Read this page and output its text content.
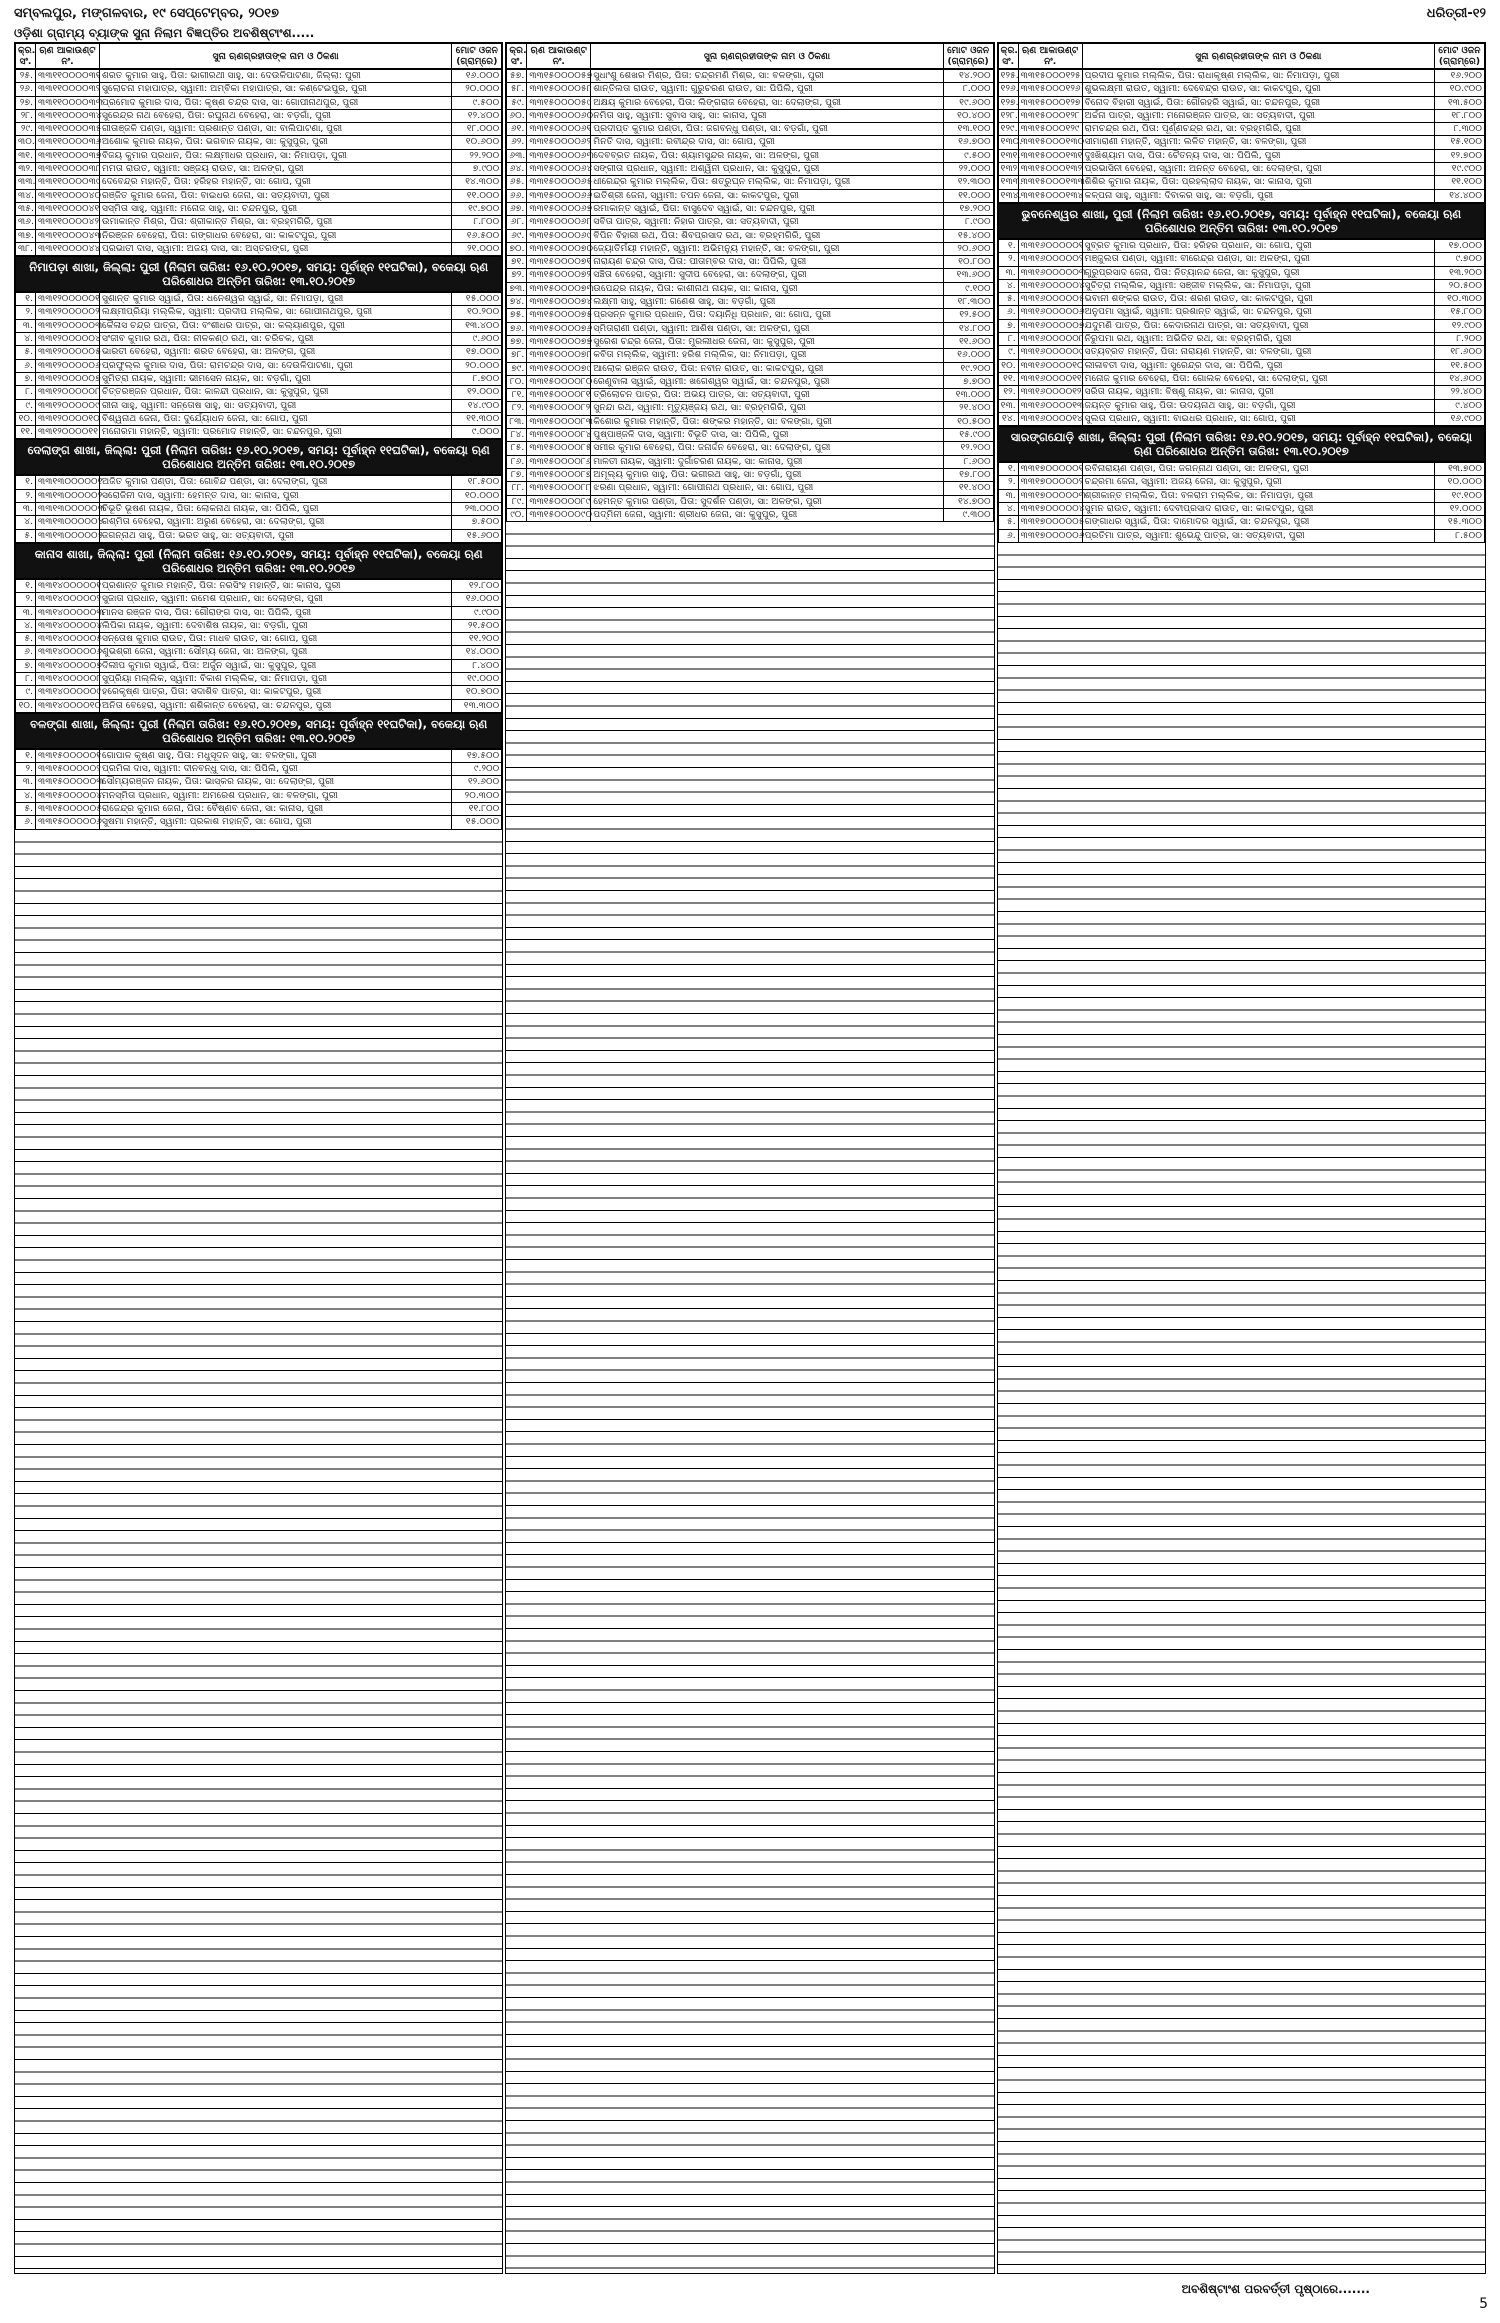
ସମ୍ବଲପୁର, ମଙ୍ଗଳବାର, ୧୯ ସେପ୍ଟେମ୍ବର, ୨୦୧୭	ଧରିତ୍ରୀ-୧୨
ଓଡ଼ିଶା ଗ୍ରାମ୍ୟ ବ୍ୟାଙ୍କ ସୁନା ନିଲାମ ବିଜ୍ଞପ୍ତିର ଅବଶିଷ୍ଟାଂଶ.....
କ୍ର. ସଂ.	ଋଣ ଆକାଉଣ୍ଟ ନଂ.	ସୁନା ଋଣଗ୍ରହୀତାଙ୍କ ନାମ ଓ ଠିକଣା	ମୋଟ ଓଜନ (ଗ୍ରାମ୍‌ରେ)
୨୫.	୩୩୧୧୦୦୦୦୩୧	ଶରତ କୁମାର ସାହୁ, ପିତା: ଭାଗୀରଥୀ ସାହୁ, ସା: ଦେଉଳିପାଟଣା, ଜିଲ୍ଲା: ପୁରୀ	୧୬.୦୦୦
୨୬.	୩୩୧୧୦୦୦୦୩୨	ସୁଲୋଚନା ମହାପାତ୍ର, ସ୍ୱାମୀ: ଅମ୍ବିକା ମହାପାତ୍ର, ସା: କଣ୍ଟେଇପୁର, ପୁରୀ	୨୦.୦୦୦
୨୭.	୩୩୧୧୦୦୦୦୩୩	ପ୍ରମୋଦ କୁମାର ଦାସ, ପିତା: କୃଷ୍ଣ ଚନ୍ଦ୍ର ଦାସ, ସା: ଗୋପୀନାଥପୁର, ପୁରୀ	୯.୫୦୦
୨୮.	୩୩୧୧୦୦୦୦୩୪	ସୁରେନ୍ଦ୍ର ନାଥ ବେହେରା, ପିତା: ରଘୁନାଥ ବେହେରା, ସା: ବଡ଼ଗାଁ, ପୁରୀ	୧୨.୪୦୦
୨୯.	୩୩୧୧୦୦୦୦୩୫	ଗୀତାଞ୍ଜଳି ପଣ୍ଡା, ସ୍ୱାମୀ: ପ୍ରଶାନ୍ତ ପଣ୍ଡା, ସା: ବାଲିପାଟଣା, ପୁରୀ	୧୮.୦୦୦
୩୦.	୩୩୧୧୦୦୦୦୩୬	ଅଶୋକ କୁମାର ନାୟକ, ପିତା: ଭଗବାନ ନାୟକ, ସା: କୁସୁପୁର, ପୁରୀ	୧୦.୬୦୦
୩୧.	୩୩୧୧୦୦୦୦୩୭	ବିଜୟ କୁମାର ପ୍ରଧାନ, ପିତା: ଲକ୍ଷ୍ମୀଧର ପ୍ରଧାନ, ସା: ନିମାପଡ଼ା, ପୁରୀ	୨୨.୨୦୦
୩୨.	୩୩୧୧୦୦୦୦୩୮	ମମତା ରାଉତ, ସ୍ୱାମୀ: ସଞ୍ଜୟ ରାଉତ, ସା: ଅଳଙ୍ଗ, ପୁରୀ	୭.୯୦୦
୩୩.	୩୩୧୧୦୦୦୦୩୯	ଦେବେନ୍ଦ୍ର ମହାନ୍ତି, ପିତା: ହରିହର ମହାନ୍ତି, ସା: ଗୋପ, ପୁରୀ	୧୪.୩୦୦
୩୪.	୩୩୧୧୦୦୦୦୪୦	ରଞ୍ଜିତ କୁମାର ଜେନା, ପିତା: ବାଇଧର ଜେନା, ସା: ସତ୍ୟବାଦୀ, ପୁରୀ	୧୧.୦୦୦
୩୫.	୩୩୧୧୦୦୦୦୪୧	ସସ୍ମିତା ସାହୁ, ସ୍ୱାମୀ: ମନୋଜ ସାହୁ, ସା: ଚନ୍ଦନପୁର, ପୁରୀ	୧୯.୭୦୦
୩୬.	୩୩୧୧୦୦୦୦୪୨	ଉମାକାନ୍ତ ମିଶ୍ର, ପିତା: ଶ୍ରୀକାନ୍ତ ମିଶ୍ର, ସା: ବ୍ରହ୍ମଗିରି, ପୁରୀ	୮.୮୦୦
୩୭.	୩୩୧୧୦୦୦୦୪୩	ନିରଞ୍ଜନ ବେହେରା, ପିତା: ଗଙ୍ଗାଧର ବେହେରା, ସା: କାକଟପୁର, ପୁରୀ	୧୬.୫୦୦
୩୮.	୩୩୧୧୦୦୦୦୪୪	ପ୍ରଭାତୀ ଦାସ, ସ୍ୱାମୀ: ଅଜୟ ଦାସ, ସା: ଅସ୍ତରଙ୍ଗ, ପୁରୀ	୨୧.୦୦୦
ନିମାପଡ଼ା ଶାଖା, ଜିଲ୍ଲା: ପୁରୀ (ନିଲାମ ତାରିଖ: ୧୬.୧୦.୨୦୧୭, ସମୟ: ପୂର୍ବାହ୍ନ ୧୧ଘଟିକା), ବକେୟା ଋଣ ପରିଶୋଧର ଅନ୍ତିମ ତାରିଖ: ୧୩.୧୦.୨୦୧୭
୧.	୩୩୧୨୦୦୦୦୦୧	ସୁଶାନ୍ତ କୁମାର ସ୍ୱାଇଁ, ପିତା: ଧନେଶ୍ୱର ସ୍ୱାଇଁ, ସା: ନିମାପଡ଼ା, ପୁରୀ	୧୫.୦୦୦
୨.	୩୩୧୨୦୦୦୦୦୨	ଲକ୍ଷ୍ମୀପ୍ରିୟା ମଲ୍ଲିକ, ସ୍ୱାମୀ: ପ୍ରଦୀପ ମଲ୍ଲିକ, ସା: ଗୋପୀନାଥପୁର, ପୁରୀ	୧୦.୨୦୦
୩.	୩୩୧୨୦୦୦୦୦୩	କୈଳାସ ଚନ୍ଦ୍ର ପାତ୍ର, ପିତା: ବଂଶୀଧର ପାତ୍ର, ସା: କଲ୍ୟାଣପୁର, ପୁରୀ	୧୩.୪୦୦
୪.	୩୩୧୨୦୦୦୦୦୪	ସଂଜୀବ କୁମାର ରଥ, ପିତା: ନୀଳକଣ୍ଠ ରଥ, ସା: ଚରିଚକ, ପୁରୀ	୯.୬୦୦
୫.	୩୩୧୨୦୦୦୦୦୫	ଭାରତୀ ବେହେରା, ସ୍ୱାମୀ: ଶରତ ବେହେରା, ସା: ଅଳଙ୍ଗ, ପୁରୀ	୧୭.୦୦୦
୬.	୩୩୧୨୦୦୦୦୦୬	ପ୍ରଫୁଲ୍ଲ କୁମାର ଦାସ, ପିତା: ରାମଚନ୍ଦ୍ର ଦାସ, ସା: ଦେଉଳିପାଟଣା, ପୁରୀ	୨୦.୦୦୦
୭.	୩୩୧୨୦୦୦୦୦୭	ସୁମିତ୍ରା ନାୟକ, ସ୍ୱାମୀ: ଭୀମସେନ ନାୟକ, ସା: ବଡ଼ଗାଁ, ପୁରୀ	୮.୭୦୦
୮.	୩୩୧୨୦୦୦୦୦୮	ଚିତ୍ତରଞ୍ଜନ ପ୍ରଧାନ, ପିତା: କାଳନ୍ଦୀ ପ୍ରଧାନ, ସା: କୁସୁପୁର, ପୁରୀ	୧୨.୦୦୦
୯.	୩୩୧୨୦୦୦୦୦୯	ରୀନା ସାହୁ, ସ୍ୱାମୀ: ସନ୍ତୋଷ ସାହୁ, ସା: ସତ୍ୟବାଦୀ, ପୁରୀ	୧୪.୯୦୦
୧୦.	୩୩୧୨୦୦୦୦୧୦	ବିଶ୍ୱନାଥ ଜେନା, ପିତା: ଦୁର୍ଯ୍ୟୋଧନ ଜେନା, ସା: ଗୋପ, ପୁରୀ	୧୧.୩୦୦
୧୧.	୩୩୧୨୦୦୦୦୧୧	ମନୋରମା ମହାନ୍ତି, ସ୍ୱାମୀ: ପ୍ରମୋଦ ମହାନ୍ତି, ସା: ଚନ୍ଦନପୁର, ପୁରୀ	୯.୦୦୦
ଦେଲାଙ୍ଗ ଶାଖା, ଜିଲ୍ଲା: ପୁରୀ (ନିଲାମ ତାରିଖ: ୧୬.୧୦.୨୦୧୭, ସମୟ: ପୂର୍ବାହ୍ନ ୧୧ଘଟିକା), ବକେୟା ଋଣ ପରିଶୋଧର ଅନ୍ତିମ ତାରିଖ: ୧୩.୧୦.୨୦୧୭
୧.	୩୩୧୩୦୦୦୦୦୧	ଅଜିତ କୁମାର ପଣ୍ଡା, ପିତା: ଗୋବିନ୍ଦ ପଣ୍ଡା, ସା: ଦେଲାଙ୍ଗ, ପୁରୀ	୧୮.୫୦୦
୨.	୩୩୧୩୦୦୦୦୦୨	ସରୋଜିନୀ ଦାସ, ସ୍ୱାମୀ: ହେମନ୍ତ ଦାସ, ସା: କାନାସ, ପୁରୀ	୧୦.୦୦୦
୩.	୩୩୧୩୦୦୦୦୦୩	ବିଭୂତି ଭୂଷଣ ନାୟକ, ପିତା: ଲୋକନାଥ ନାୟକ, ସା: ପିପିଲି, ପୁରୀ	୨୩.୦୦୦
୪.	୩୩୧୩୦୦୦୦୦୪	ରଶ୍ମିତା ବେହେରା, ସ୍ୱାମୀ: ଅରୁଣ ବେହେରା, ସା: ଦେଲାଙ୍ଗ, ପୁରୀ	୭.୫୦୦
୫.	୩୩୧୩୦୦୦୦୦୫	ଜଗନ୍ନାଥ ସାହୁ, ପିତା: ଭରତ ସାହୁ, ସା: ସତ୍ୟବାଦୀ, ପୁରୀ	୧୫.୬୦୦
କାନାସ ଶାଖା, ଜିଲ୍ଲା: ପୁରୀ (ନିଲାମ ତାରିଖ: ୧୬.୧୦.୨୦୧୭, ସମୟ: ପୂର୍ବାହ୍ନ ୧୧ଘଟିକା), ବକେୟା ଋଣ ପରିଶୋଧର ଅନ୍ତିମ ତାରିଖ: ୧୩.୧୦.୨୦୧୭
୧.	୩୩୧୪୦୦୦୦୦୧	ପ୍ରଶାନ୍ତ କୁମାର ମହାନ୍ତି, ପିତା: ନରସିଂହ ମହାନ୍ତି, ସା: କାନାସ, ପୁରୀ	୧୨.୮୦୦
୨.	୩୩୧୪୦୦୦୦୦୨	ସୁଜାତା ପ୍ରଧାନ, ସ୍ୱାମୀ: ରମେଶ ପ୍ରଧାନ, ସା: ଦେଲାଙ୍ଗ, ପୁରୀ	୧୬.୦୦୦
୩.	୩୩୧୪୦୦୦୦୦୩	ମାନସ ରଞ୍ଜନ ଦାସ, ପିତା: ଗୌରାଙ୍ଗ ଦାସ, ସା: ପିପିଲି, ପୁରୀ	୯.୯୦୦
୪.	୩୩୧୪୦୦୦୦୦୪	ଲିପିକା ନାୟକ, ସ୍ୱାମୀ: ଦେବାଶିଷ ନାୟକ, ସା: ବଡ଼ଗାଁ, ପୁରୀ	୨୧.୫୦୦
୫.	୩୩୧୪୦୦୦୦୦୫	ସନ୍ତୋଷ କୁମାର ରାଉତ, ପିତା: ମାଧବ ରାଉତ, ସା: ଗୋପ, ପୁରୀ	୧୧.୨୦୦
୬.	୩୩୧୪୦୦୦୦୦୬	ଶୁଭଶ୍ରୀ ଜେନା, ସ୍ୱାମୀ: ସୌମ୍ୟ ଜେନା, ସା: ଅଳଙ୍ଗ, ପୁରୀ	୧୪.୦୦୦
୭.	୩୩୧୪୦୦୦୦୦୭	ଦିଲୀପ କୁମାର ସ୍ୱାଇଁ, ପିତା: ଅର୍ଜୁନ ସ୍ୱାଇଁ, ସା: କୁସୁପୁର, ପୁରୀ	୮.୪୦୦
୮.	୩୩୧୪୦୦୦୦୦୮	ସୁପ୍ରିୟା ମଲ୍ଲିକ, ସ୍ୱାମୀ: ବିକାଶ ମଲ୍ଲିକ, ସା: ନିମାପଡ଼ା, ପୁରୀ	୧୯.୦୦୦
୯.	୩୩୧୪୦୦୦୦୦୯	ହରେକୃଷ୍ଣ ପାତ୍ର, ପିତା: ସଦାଶିବ ପାତ୍ର, ସା: କାକଟପୁର, ପୁରୀ	୧୦.୭୦୦
୧୦.	୩୩୧୪୦୦୦୦୧୦	ଅନିତା ବେହେରା, ସ୍ୱାମୀ: ଶଶିକାନ୍ତ ବେହେରା, ସା: ଚନ୍ଦନପୁର, ପୁରୀ	୧୩.୩୦୦
ବଳଙ୍ଗା ଶାଖା, ଜିଲ୍ଲା: ପୁରୀ (ନିଲାମ ତାରିଖ: ୧୬.୧୦.୨୦୧୭, ସମୟ: ପୂର୍ବାହ୍ନ ୧୧ଘଟିକା), ବକେୟା ଋଣ ପରିଶୋଧର ଅନ୍ତିମ ତାରିଖ: ୧୩.୧୦.୨୦୧୭
୧.	୩୩୧୫୦୦୦୦୦୧	ଗୋପାଳ କୃଷ୍ଣ ସାହୁ, ପିତା: ମଧୁସୂଦନ ସାହୁ, ସା: ବଳଙ୍ଗା, ପୁରୀ	୧୭.୫୦୦
୨.	୩୩୧୫୦୦୦୦୦୨	ପ୍ରମିଳା ଦାସ, ସ୍ୱାମୀ: ଦୀନବନ୍ଧୁ ଦାସ, ସା: ପିପିଲି, ପୁରୀ	୯.୨୦୦
୩.	୩୩୧୫୦୦୦୦୦୩	ସୌମ୍ୟରଞ୍ଜନ ନାୟକ, ପିତା: ଭାସ୍କର ନାୟକ, ସା: ଦେଲାଙ୍ଗ, ପୁରୀ	୧୨.୬୦୦
୪.	୩୩୧୫୦୦୦୦୦୪	ମନସ୍ମିତା ପ୍ରଧାନ, ସ୍ୱାମୀ: ଅମରେଶ ପ୍ରଧାନ, ସା: ବଳଙ୍ଗା, ପୁରୀ	୨୦.୩୦୦
୫.	୩୩୧୫୦୦୦୦୦୫	ରାଜେନ୍ଦ୍ର କୁମାର ଜେନା, ପିତା: ବୈଷ୍ଣବ ଜେନା, ସା: କାନାସ, ପୁରୀ	୧୧.୮୦୦
୬.	୩୩୧୫୦୦୦୦୦୬	ସୁଷମା ମହାନ୍ତି, ସ୍ୱାମୀ: ପ୍ରକାଶ ମହାନ୍ତି, ସା: ଗୋପ, ପୁରୀ	୧୫.୦୦୦
କ୍ର. ସଂ.	ଋଣ ଆକାଉଣ୍ଟ ନଂ.	ସୁନା ଋଣଗ୍ରହୀତାଙ୍କ ନାମ ଓ ଠିକଣା	ମୋଟ ଓଜନ (ଗ୍ରାମ୍‌ରେ)
୫୭.	୩୩୧୫୦୦୦୦୫୭	ସୁଧାଂଶୁ ଶେଖର ମିଶ୍ର, ପିତା: ଚନ୍ଦ୍ରମଣି ମିଶ୍ର, ସା: ବଳଙ୍ଗା, ପୁରୀ	୧୪.୨୦୦
୫୮.	୩୩୧୫୦୦୦୦୫୮	ଶାନ୍ତିଲତା ରାଉତ, ସ୍ୱାମୀ: ଗୁରୁଚରଣ ରାଉତ, ସା: ପିପିଲି, ପୁରୀ	୮.୦୦୦
୫୯.	୩୩୧୫୦୦୦୦୫୯	ଅକ୍ଷୟ କୁମାର ବେହେରା, ପିତା: ଲିଙ୍ଗରାଜ ବେହେରା, ସା: ଦେଲାଙ୍ଗ, ପୁରୀ	୧୯.୬୦୦
୬୦.	୩୩୧୫୦୦୦୦୬୦	ନମିତା ସାହୁ, ସ୍ୱାମୀ: ସୁବାସ ସାହୁ, ସା: କାନାସ, ପୁରୀ	୧୦.୪୦୦
୬୧.	୩୩୧୫୦୦୦୦୬୧	ପ୍ରଦୀପ୍ତ କୁମାର ପଣ୍ଡା, ପିତା: ଜଗବନ୍ଧୁ ପଣ୍ଡା, ସା: ବଡ଼ଗାଁ, ପୁରୀ	୧୩.୧୦୦
୬୨.	୩୩୧୫୦୦୦୦୬୨	ମିନତି ଦାସ, ସ୍ୱାମୀ: ରବୀନ୍ଦ୍ର ଦାସ, ସା: ଗୋପ, ପୁରୀ	୧୬.୭୦୦
୬୩.	୩୩୧୫୦୦୦୦୬୩	ଦେବବ୍ରତ ନାୟକ, ପିତା: ଶ୍ୟାମସୁନ୍ଦର ନାୟକ, ସା: ଅଳଙ୍ଗ, ପୁରୀ	୯.୫୦୦
୬୪.	୩୩୧୫୦୦୦୦୬୪	ସଙ୍ଗୀତା ପ୍ରଧାନ, ସ୍ୱାମୀ: ଅଶ୍ୱିନୀ ପ୍ରଧାନ, ସା: କୁସୁପୁର, ପୁରୀ	୨୨.୦୦୦
୬୫.	୩୩୧୫୦୦୦୦୬୫	ଧୀରେନ୍ଦ୍ର କୁମାର ମଲ୍ଲିକ, ପିତା: ଶତ୍ରୁଘ୍ନ ମଲ୍ଲିକ, ସା: ନିମାପଡ଼ା, ପୁରୀ	୧୨.୩୦୦
୬୬.	୩୩୧୫୦୦୦୦୬୬	ଇତିଶ୍ରୀ ଜେନା, ସ୍ୱାମୀ: ତପନ ଜେନା, ସା: କାକଟପୁର, ପୁରୀ	୧୧.୦୦୦
୬୭.	୩୩୧୫୦୦୦୦୬୭	ରମାକାନ୍ତ ସ୍ୱାଇଁ, ପିତା: ବାସୁଦେବ ସ୍ୱାଇଁ, ସା: ଚନ୍ଦନପୁର, ପୁରୀ	୧୭.୨୦୦
୬୮.	୩୩୧୫୦୦୦୦୬୮	ସବିତା ପାତ୍ର, ସ୍ୱାମୀ: ନିହାର ପାତ୍ର, ସା: ସତ୍ୟବାଦୀ, ପୁରୀ	୮.୯୦୦
୬୯.	୩୩୧୫୦୦୦୦୬୯	ବିପିନ ବିହାରୀ ରଥ, ପିତା: ଶିବପ୍ରସାଦ ରଥ, ସା: ବ୍ରହ୍ମଗିରି, ପୁରୀ	୧୫.୪୦୦
୭୦.	୩୩୧୫୦୦୦୦୭୦	ଜ୍ୟୋତିର୍ମୟୀ ମହାନ୍ତି, ସ୍ୱାମୀ: ଅଭିମନ୍ୟୁ ମହାନ୍ତି, ସା: ବଳଙ୍ଗା, ପୁରୀ	୨୦.୬୦୦
୭୧.	୩୩୧୫୦୦୦୦୭୧	ନାରାୟଣ ଚନ୍ଦ୍ର ଦାସ, ପିତା: ପୀତାମ୍ବର ଦାସ, ସା: ପିପିଲି, ପୁରୀ	୧୦.୮୦୦
୭୨.	୩୩୧୫୦୦୦୦୭୨	ସଞ୍ଚିତା ବେହେରା, ସ୍ୱାମୀ: ସୁଦୀପ ବେହେରା, ସା: ଦେଲାଙ୍ଗ, ପୁରୀ	୧୩.୬୦୦
୭୩.	୩୩୧୫୦୦୦୦୭୩	ଉପେନ୍ଦ୍ର ନାୟକ, ପିତା: କାଶୀନାଥ ନାୟକ, ସା: କାନାସ, ପୁରୀ	୯.୧୦୦
୭୪.	୩୩୧୫୦୦୦୦୭୪	ଲକ୍ଷ୍ମୀ ସାହୁ, ସ୍ୱାମୀ: ଗଣେଶ ସାହୁ, ସା: ବଡ଼ଗାଁ, ପୁରୀ	୧୮.୩୦୦
୭୫.	୩୩୧୫୦୦୦୦୭୫	ପ୍ରସନ୍ନ କୁମାର ପ୍ରଧାନ, ପିତା: ଦୟାନିଧି ପ୍ରଧାନ, ସା: ଗୋପ, ପୁରୀ	୧୨.୫୦୦
୭୬.	୩୩୧୫୦୦୦୦୭୬	ସ୍ମିତାରାଣୀ ପଣ୍ଡା, ସ୍ୱାମୀ: ଆଶିଷ ପଣ୍ଡା, ସା: ଅଳଙ୍ଗ, ପୁରୀ	୧୪.୮୦୦
୭୭.	୩୩୧୫୦୦୦୦୭୭	ସୁରେଶ ଚନ୍ଦ୍ର ଜେନା, ପିତା: ମୁରଲୀଧର ଜେନା, ସା: କୁସୁପୁର, ପୁରୀ	୧୧.୬୦୦
୭୮.	୩୩୧୫୦୦୦୦୭୮	କବିତା ମଲ୍ଲିକ, ସ୍ୱାମୀ: ହରିଶ ମଲ୍ଲିକ, ସା: ନିମାପଡ଼ା, ପୁରୀ	୧୬.୦୦୦
୭୯.	୩୩୧୫୦୦୦୦୭୯	ଆଲୋକ ରଞ୍ଜନ ରାଉତ, ପିତା: ନବୀନ ରାଉତ, ସା: କାକଟପୁର, ପୁରୀ	୧୯.୨୦୦
୮୦.	୩୩୧୫୦୦୦୦୮୦	ରେଣୁବାଳା ସ୍ୱାଇଁ, ସ୍ୱାମୀ: ଖଗେଶ୍ୱର ସ୍ୱାଇଁ, ସା: ଚନ୍ଦନପୁର, ପୁରୀ	୭.୭୦୦
୮୧.	୩୩୧୫୦୦୦୦୮୧	ତ୍ରିଲୋଚନ ପାତ୍ର, ପିତା: ଅଭୟ ପାତ୍ର, ସା: ସତ୍ୟବାଦୀ, ପୁରୀ	୧୩.୦୦୦
୮୨.	୩୩୧୫୦୦୦୦୮୨	ସୁନନ୍ଦା ରଥ, ସ୍ୱାମୀ: ମୃତ୍ୟୁଞ୍ଜୟ ରଥ, ସା: ବ୍ରହ୍ମଗିରି, ପୁରୀ	୨୧.୪୦୦
୮୩.	୩୩୧୫୦୦୦୦୮୩	କିଶୋର କୁମାର ମହାନ୍ତି, ପିତା: ଶଙ୍କର ମହାନ୍ତି, ସା: ବଳଙ୍ଗା, ପୁରୀ	୧୦.୫୦୦
୮୪.	୩୩୧୫୦୦୦୦୮୪	ପୁଷ୍ପାଞ୍ଜଳି ଦାସ, ସ୍ୱାମୀ: ବିଭୂତି ଦାସ, ସା: ପିପିଲି, ପୁରୀ	୧୫.୯୦୦
୮୫.	୩୩୧୫୦୦୦୦୮୫	ସମୀର କୁମାର ବେହେରା, ପିତା: ଜନାର୍ଦ୍ଦନ ବେହେରା, ସା: ଦେଲାଙ୍ଗ, ପୁରୀ	୧୨.୨୦୦
୮୬.	୩୩୧୫୦୦୦୦୮୬	ମାଳତୀ ନାୟକ, ସ୍ୱାମୀ: ଦୁର୍ଗାଚରଣ ନାୟକ, ସା: କାନାସ, ପୁରୀ	୮.୬୦୦
୮୭.	୩୩୧୫୦୦୦୦୮୭	ଅମୂଲ୍ୟ କୁମାର ସାହୁ, ପିତା: ଭଗୀରଥ ସାହୁ, ସା: ବଡ଼ଗାଁ, ପୁରୀ	୧୭.୮୦୦
୮୮.	୩୩୧୫୦୦୦୦୮୮	ଝରଣା ପ୍ରଧାନ, ସ୍ୱାମୀ: ଗୋପୀନାଥ ପ୍ରଧାନ, ସା: ଗୋପ, ପୁରୀ	୧୧.୪୦୦
୮୯.	୩୩୧୫୦୦୦୦୮୯	ହେମନ୍ତ କୁମାର ପଣ୍ଡା, ପିତା: ସୁଦର୍ଶନ ପଣ୍ଡା, ସା: ଅଳଙ୍ଗ, ପୁରୀ	୧୪.୭୦୦
୯୦.	୩୩୧୫୦୦୦୦୯୦	ପଦ୍ମିନୀ ଜେନା, ସ୍ୱାମୀ: ଶ୍ରୀଧର ଜେନା, ସା: କୁସୁପୁର, ପୁରୀ	୯.୩୦୦
କ୍ର. ସଂ.	ଋଣ ଆକାଉଣ୍ଟ ନଂ.	ସୁନା ଋଣଗ୍ରହୀତାଙ୍କ ନାମ ଓ ଠିକଣା	ମୋଟ ଓଜନ (ଗ୍ରାମ୍‌ରେ)
୧୨୫.	୩୩୧୫୦୦୦୧୨୫	ପ୍ରଦୀପ କୁମାର ମଲ୍ଲିକ, ପିତା: ରାଧାକୃଷ୍ଣ ମଲ୍ଲିକ, ସା: ନିମାପଡ଼ା, ପୁରୀ	୧୬.୨୦୦
୧୨୬.	୩୩୧୫୦୦୦୧୨୬	ଶୁଭଲକ୍ଷ୍ମୀ ରାଉତ, ସ୍ୱାମୀ: ଦେବେନ୍ଦ୍ର ରାଉତ, ସା: କାକଟପୁର, ପୁରୀ	୧୦.୯୦୦
୧୨୭.	୩୩୧୫୦୦୦୧୨୭	ବିନୋଦ ବିହାରୀ ସ୍ୱାଇଁ, ପିତା: ଗୌରହରି ସ୍ୱାଇଁ, ସା: ଚନ୍ଦନପୁର, ପୁରୀ	୧୩.୫୦୦
୧୨୮.	୩୩୧୫୦୦୦୧୨୮	ଅର୍ଚ୍ଚନା ପାତ୍ର, ସ୍ୱାମୀ: ମନୋରଞ୍ଜନ ପାତ୍ର, ସା: ସତ୍ୟବାଦୀ, ପୁରୀ	୧୮.୮୦୦
୧୨୯.	୩୩୧୫୦୦୦୧୨୯	ରାମଚନ୍ଦ୍ର ରଥ, ପିତା: ପୂର୍ଣ୍ଣଚନ୍ଦ୍ର ରଥ, ସା: ବ୍ରହ୍ମଗିରି, ପୁରୀ	୮.୩୦୦
୧୩୦.	୩୩୧୫୦୦୦୧୩୦	ସୀମାରାଣୀ ମହାନ୍ତି, ସ୍ୱାମୀ: ଲଳିତ ମହାନ୍ତି, ସା: ବଳଙ୍ଗା, ପୁରୀ	୧୫.୧୦୦
୧୩୧.	୩୩୧୫୦୦୦୧୩୧	ଦୁଃଖିଶ୍ୟାମ ଦାସ, ପିତା: ଚୈତନ୍ୟ ଦାସ, ସା: ପିପିଲି, ପୁରୀ	୧୨.୭୦୦
୧୩୨.	୩୩୧୫୦୦୦୧୩୨	ପ୍ରଭାସିନୀ ବେହେରା, ସ୍ୱାମୀ: ଅନନ୍ତ ବେହେରା, ସା: ଦେଲାଙ୍ଗ, ପୁରୀ	୧୯.୯୦୦
୧୩୩.	୩୩୧୫୦୦୦୧୩୩	ଶିଶିର କୁମାର ନାୟକ, ପିତା: ପ୍ରହଲ୍ଲାଦ ନାୟକ, ସା: କାନାସ, ପୁରୀ	୧୧.୧୦୦
୧୩୪.	୩୩୧୫୦୦୦୧୩୪	କଳ୍ପନା ସାହୁ, ସ୍ୱାମୀ: ଦିବାକର ସାହୁ, ସା: ବଡ଼ଗାଁ, ପୁରୀ	୧୪.୪୦୦
ଭୁବନେଶ୍ୱର ଶାଖା, ପୁରୀ (ନିଲାମ ତାରିଖ: ୧୬.୧୦.୨୦୧୭, ସମୟ: ପୂର୍ବାହ୍ନ ୧୧ଘଟିକା), ବକେୟା ଋଣ ପରିଶୋଧର ଅନ୍ତିମ ତାରିଖ: ୧୩.୧୦.୨୦୧୭
୧.	୩୩୧୬୦୦୦୦୦୧	ସୁବ୍ରତ କୁମାର ପ୍ରଧାନ, ପିତା: ହରିହର ପ୍ରଧାନ, ସା: ଗୋପ, ପୁରୀ	୧୭.୦୦୦
୨.	୩୩୧୬୦୦୦୦୦୨	ମଞ୍ଜୁଲତା ପଣ୍ଡା, ସ୍ୱାମୀ: ବୀରେନ୍ଦ୍ର ପଣ୍ଡା, ସା: ଅଳଙ୍ଗ, ପୁରୀ	୯.୭୦୦
୩.	୩୩୧୬୦୦୦୦୦୩	ଗୁରୁପ୍ରସାଦ ଜେନା, ପିତା: ନିତ୍ୟାନନ୍ଦ ଜେନା, ସା: କୁସୁପୁର, ପୁରୀ	୧୩.୨୦୦
୪.	୩୩୧୬୦୦୦୦୦୪	ସୁଚିତ୍ରା ମଲ୍ଲିକ, ସ୍ୱାମୀ: ସଞ୍ଜୀବ ମଲ୍ଲିକ, ସା: ନିମାପଡ଼ା, ପୁରୀ	୨୦.୫୦୦
୫.	୩୩୧୬୦୦୦୦୦୫	ଭବାନୀ ଶଙ୍କର ରାଉତ, ପିତା: ଶରଣ ରାଉତ, ସା: କାକଟପୁର, ପୁରୀ	୧୦.୩୦୦
୬.	୩୩୧୬୦୦୦୦୦୬	ଅନୁପମା ସ୍ୱାଇଁ, ସ୍ୱାମୀ: ପ୍ରଶାନ୍ତ ସ୍ୱାଇଁ, ସା: ଚନ୍ଦନପୁର, ପୁରୀ	୧୫.୮୦୦
୭.	୩୩୧୬୦୦୦୦୦୭	ଯଦୁମଣି ପାତ୍ର, ପିତା: କେଦାରନାଥ ପାତ୍ର, ସା: ସତ୍ୟବାଦୀ, ପୁରୀ	୧୨.୯୦୦
୮.	୩୩୧୬୦୦୦୦୦୮	ନିରୁପମା ରଥ, ସ୍ୱାମୀ: ଅଭିଜିତ ରଥ, ସା: ବ୍ରହ୍ମଗିରି, ପୁରୀ	୮.୨୦୦
୯.	୩୩୧୬୦୦୦୦୦୯	ସତ୍ୟବ୍ରତ ମହାନ୍ତି, ପିତା: ନାରାୟଣ ମହାନ୍ତି, ସା: ବଳଙ୍ଗା, ପୁରୀ	୧୮.୬୦୦
୧୦.	୩୩୧୬୦୦୦୦୧୦	ଲୀଳାବତୀ ଦାସ, ସ୍ୱାମୀ: ସୁରେନ୍ଦ୍ର ଦାସ, ସା: ପିପିଲି, ପୁରୀ	୧୧.୫୦୦
୧୧.	୩୩୧୬୦୦୦୦୧୧	ମନୋଜ କୁମାର ବେହେରା, ପିତା: ଗୋଲକ ବେହେରା, ସା: ଦେଲାଙ୍ଗ, ପୁରୀ	୧୪.୬୦୦
୧୨.	୩୩୧୬୦୦୦୦୧୨	ସରିତା ନାୟକ, ସ୍ୱାମୀ: ବିଷ୍ଣୁ ନାୟକ, ସା: କାନାସ, ପୁରୀ	୨୨.୪୦୦
୧୩.	୩୩୧୬୦୦୦୦୧୩	ଜୟନ୍ତ କୁମାର ସାହୁ, ପିତା: ଉଦୟନାଥ ସାହୁ, ସା: ବଡ଼ଗାଁ, ପୁରୀ	୯.୪୦୦
୧୪.	୩୩୧୬୦୦୦୦୧୪	ସୁଲତା ପ୍ରଧାନ, ସ୍ୱାମୀ: ବାଇଧର ପ୍ରଧାନ, ସା: ଗୋପ, ପୁରୀ	୧୬.୯୦୦
ସାରଙ୍ଗଯୋଡ଼ି ଶାଖା, ଜିଲ୍ଲା: ପୁରୀ (ନିଲାମ ତାରିଖ: ୧୬.୧୦.୨୦୧୭, ସମୟ: ପୂର୍ବାହ୍ନ ୧୧ଘଟିକା), ବକେୟା ଋଣ ପରିଶୋଧର ଅନ୍ତିମ ତାରିଖ: ୧୩.୧୦.୨୦୧୭
୧.	୩୩୧୭୦୦୦୦୦୧	ରବିନାରାୟଣ ପଣ୍ଡା, ପିତା: ଜଗନ୍ନାଥ ପଣ୍ଡା, ସା: ଅଳଙ୍ଗ, ପୁରୀ	୧୩.୭୦୦
୨.	୩୩୧୭୦୦୦୦୦୨	ଚନ୍ଦ୍ରମା ଜେନା, ସ୍ୱାମୀ: ଅଜୟ ଜେନା, ସା: କୁସୁପୁର, ପୁରୀ	୧୦.୦୦୦
୩.	୩୩୧୭୦୦୦୦୦୩	ଶ୍ରୀକାନ୍ତ ମଲ୍ଲିକ, ପିତା: ବଳରାମ ମଲ୍ଲିକ, ସା: ନିମାପଡ଼ା, ପୁରୀ	୧୯.୧୦୦
୪.	୩୩୧୭୦୦୦୦୦୪	ସୁମନ ରାଉତ, ସ୍ୱାମୀ: ଦେବୀପ୍ରସାଦ ରାଉତ, ସା: କାକଟପୁର, ପୁରୀ	୧୨.୦୦୦
୫.	୩୩୧୭୦୦୦୦୦୫	ଗଙ୍ଗାଧର ସ୍ୱାଇଁ, ପିତା: ଦାମୋଦର ସ୍ୱାଇଁ, ସା: ଚନ୍ଦନପୁର, ପୁରୀ	୧୫.୩୦୦
୬.	୩୩୧୭୦୦୦୦୦୬	ପ୍ରତିମା ପାତ୍ର, ସ୍ୱାମୀ: ଶୁଭେନ୍ଦୁ ପାତ୍ର, ସା: ସତ୍ୟବାଦୀ, ପୁରୀ	୮.୫୦୦
ଅବଶିଷ୍ଟାଂଶ ପରବର୍ତ୍ତୀ ପୃଷ୍ଠାରେ.......
5
